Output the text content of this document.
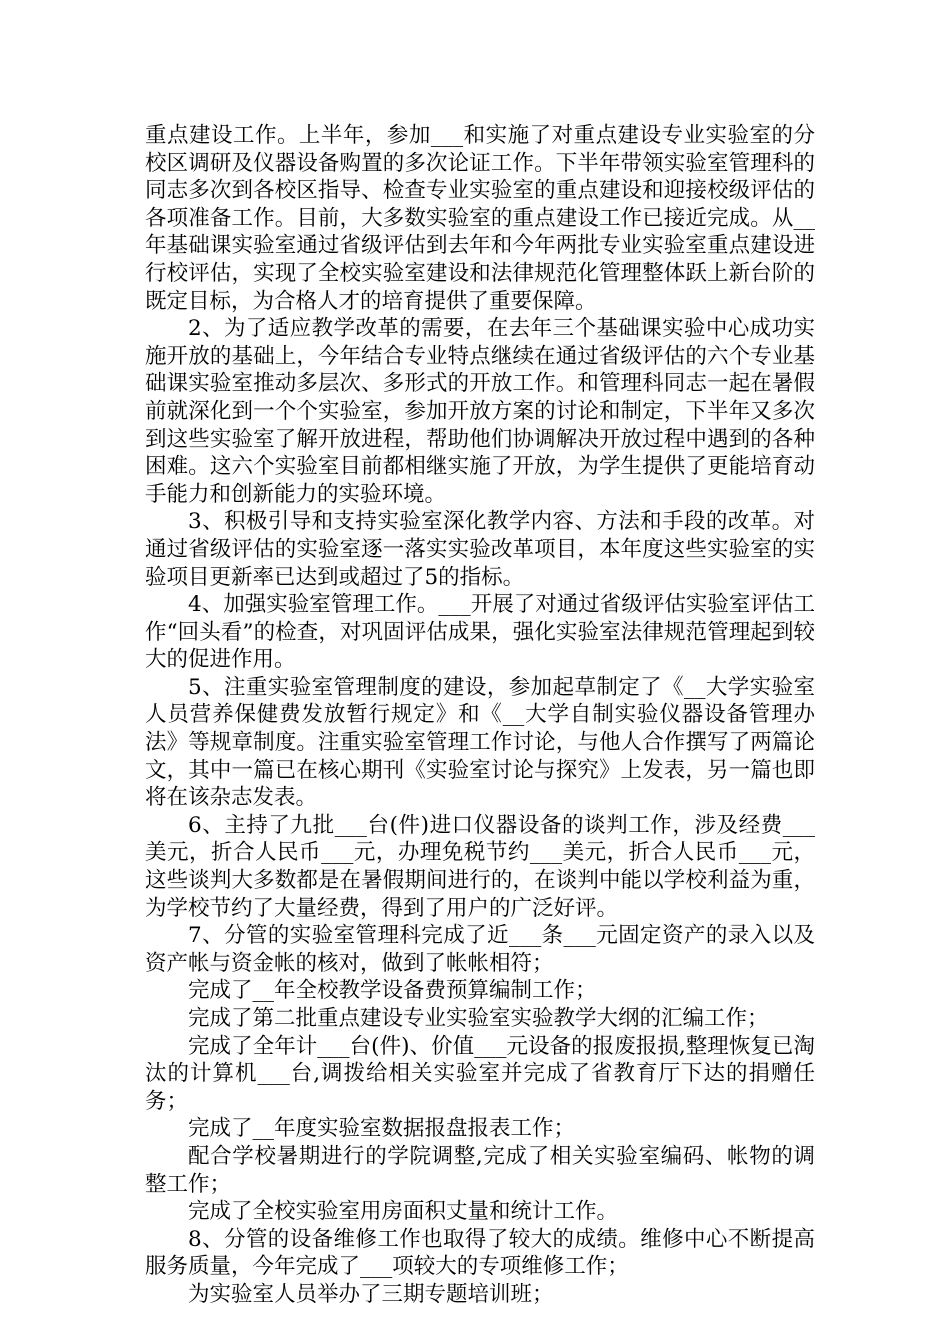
重点建设工作。上半年，参加___和实施了对重点建设专业实验室的分校区调研及仪器设备购置的多次论证工作。下半年带领实验室管理科的同志多次到各校区指导、检查专业实验室的重点建设和迎接校级评估的各项准备工作。目前，大多数实验室的重点建设工作已接近完成。从__年基础课实验室通过省级评估到去年和今年两批专业实验室重点建设进行校评估，实现了全校实验室建设和法律规范化管理整体跃上新台阶的既定目标，为合格人才的培育提供了重要保障。

2、为了适应教学改革的需要，在去年三个基础课实验中心成功实施开放的基础上，今年结合专业特点继续在通过省级评估的六个专业基础课实验室推动多层次、多形式的开放工作。和管理科同志一起在暑假前就深化到一个个实验室，参加开放方案的讨论和制定，下半年又多次到这些实验室了解开放进程，帮助他们协调解决开放过程中遇到的各种困难。这六个实验室目前都相继实施了开放，为学生提供了更能培育动手能力和创新能力的实验环境。

3、积极引导和支持实验室深化教学内容、方法和手段的改革。对通过省级评估的实验室逐一落实实验改革项目，本年度这些实验室的实验项目更新率已达到或超过了5的指标。

4、加强实验室管理工作。___开展了对通过省级评估实验室评估工作“回头看”的检查，对巩固评估成果，强化实验室法律规范管理起到较大的促进作用。

5、注重实验室管理制度的建设，参加起草制定了《__大学实验室人员营养保健费发放暂行规定》和《__大学自制实验仪器设备管理办法》等规章制度。注重实验室管理工作讨论，与他人合作撰写了两篇论文，其中一篇已在核心期刊《实验室讨论与探究》上发表，另一篇也即将在该杂志发表。

6、主持了九批___台(件)进口仪器设备的谈判工作，涉及经费___美元，折合人民币___元，办理免税节约___美元，折合人民币___元，这些谈判大多数都是在暑假期间进行的，在谈判中能以学校利益为重，为学校节约了大量经费，得到了用户的广泛好评。

7、分管的实验室管理科完成了近___条___元固定资产的录入以及资产帐与资金帐的核对，做到了帐帐相符；

完成了__年全校教学设备费预算编制工作；

完成了第二批重点建设专业实验室实验教学大纲的汇编工作；

完成了全年计___台(件)、价值___元设备的报废报损,整理恢复已淘汰的计算机___台,调拨给相关实验室并完成了省教育厅下达的捐赠任务；

完成了__年度实验室数据报盘报表工作；

配合学校暑期进行的学院调整,完成了相关实验室编码、帐物的调整工作；

完成了全校实验室用房面积丈量和统计工作。

8、分管的设备维修工作也取得了较大的成绩。维修中心不断提高服务质量，今年完成了___项较大的专项维修工作；

为实验室人员举办了三期专题培训班；
